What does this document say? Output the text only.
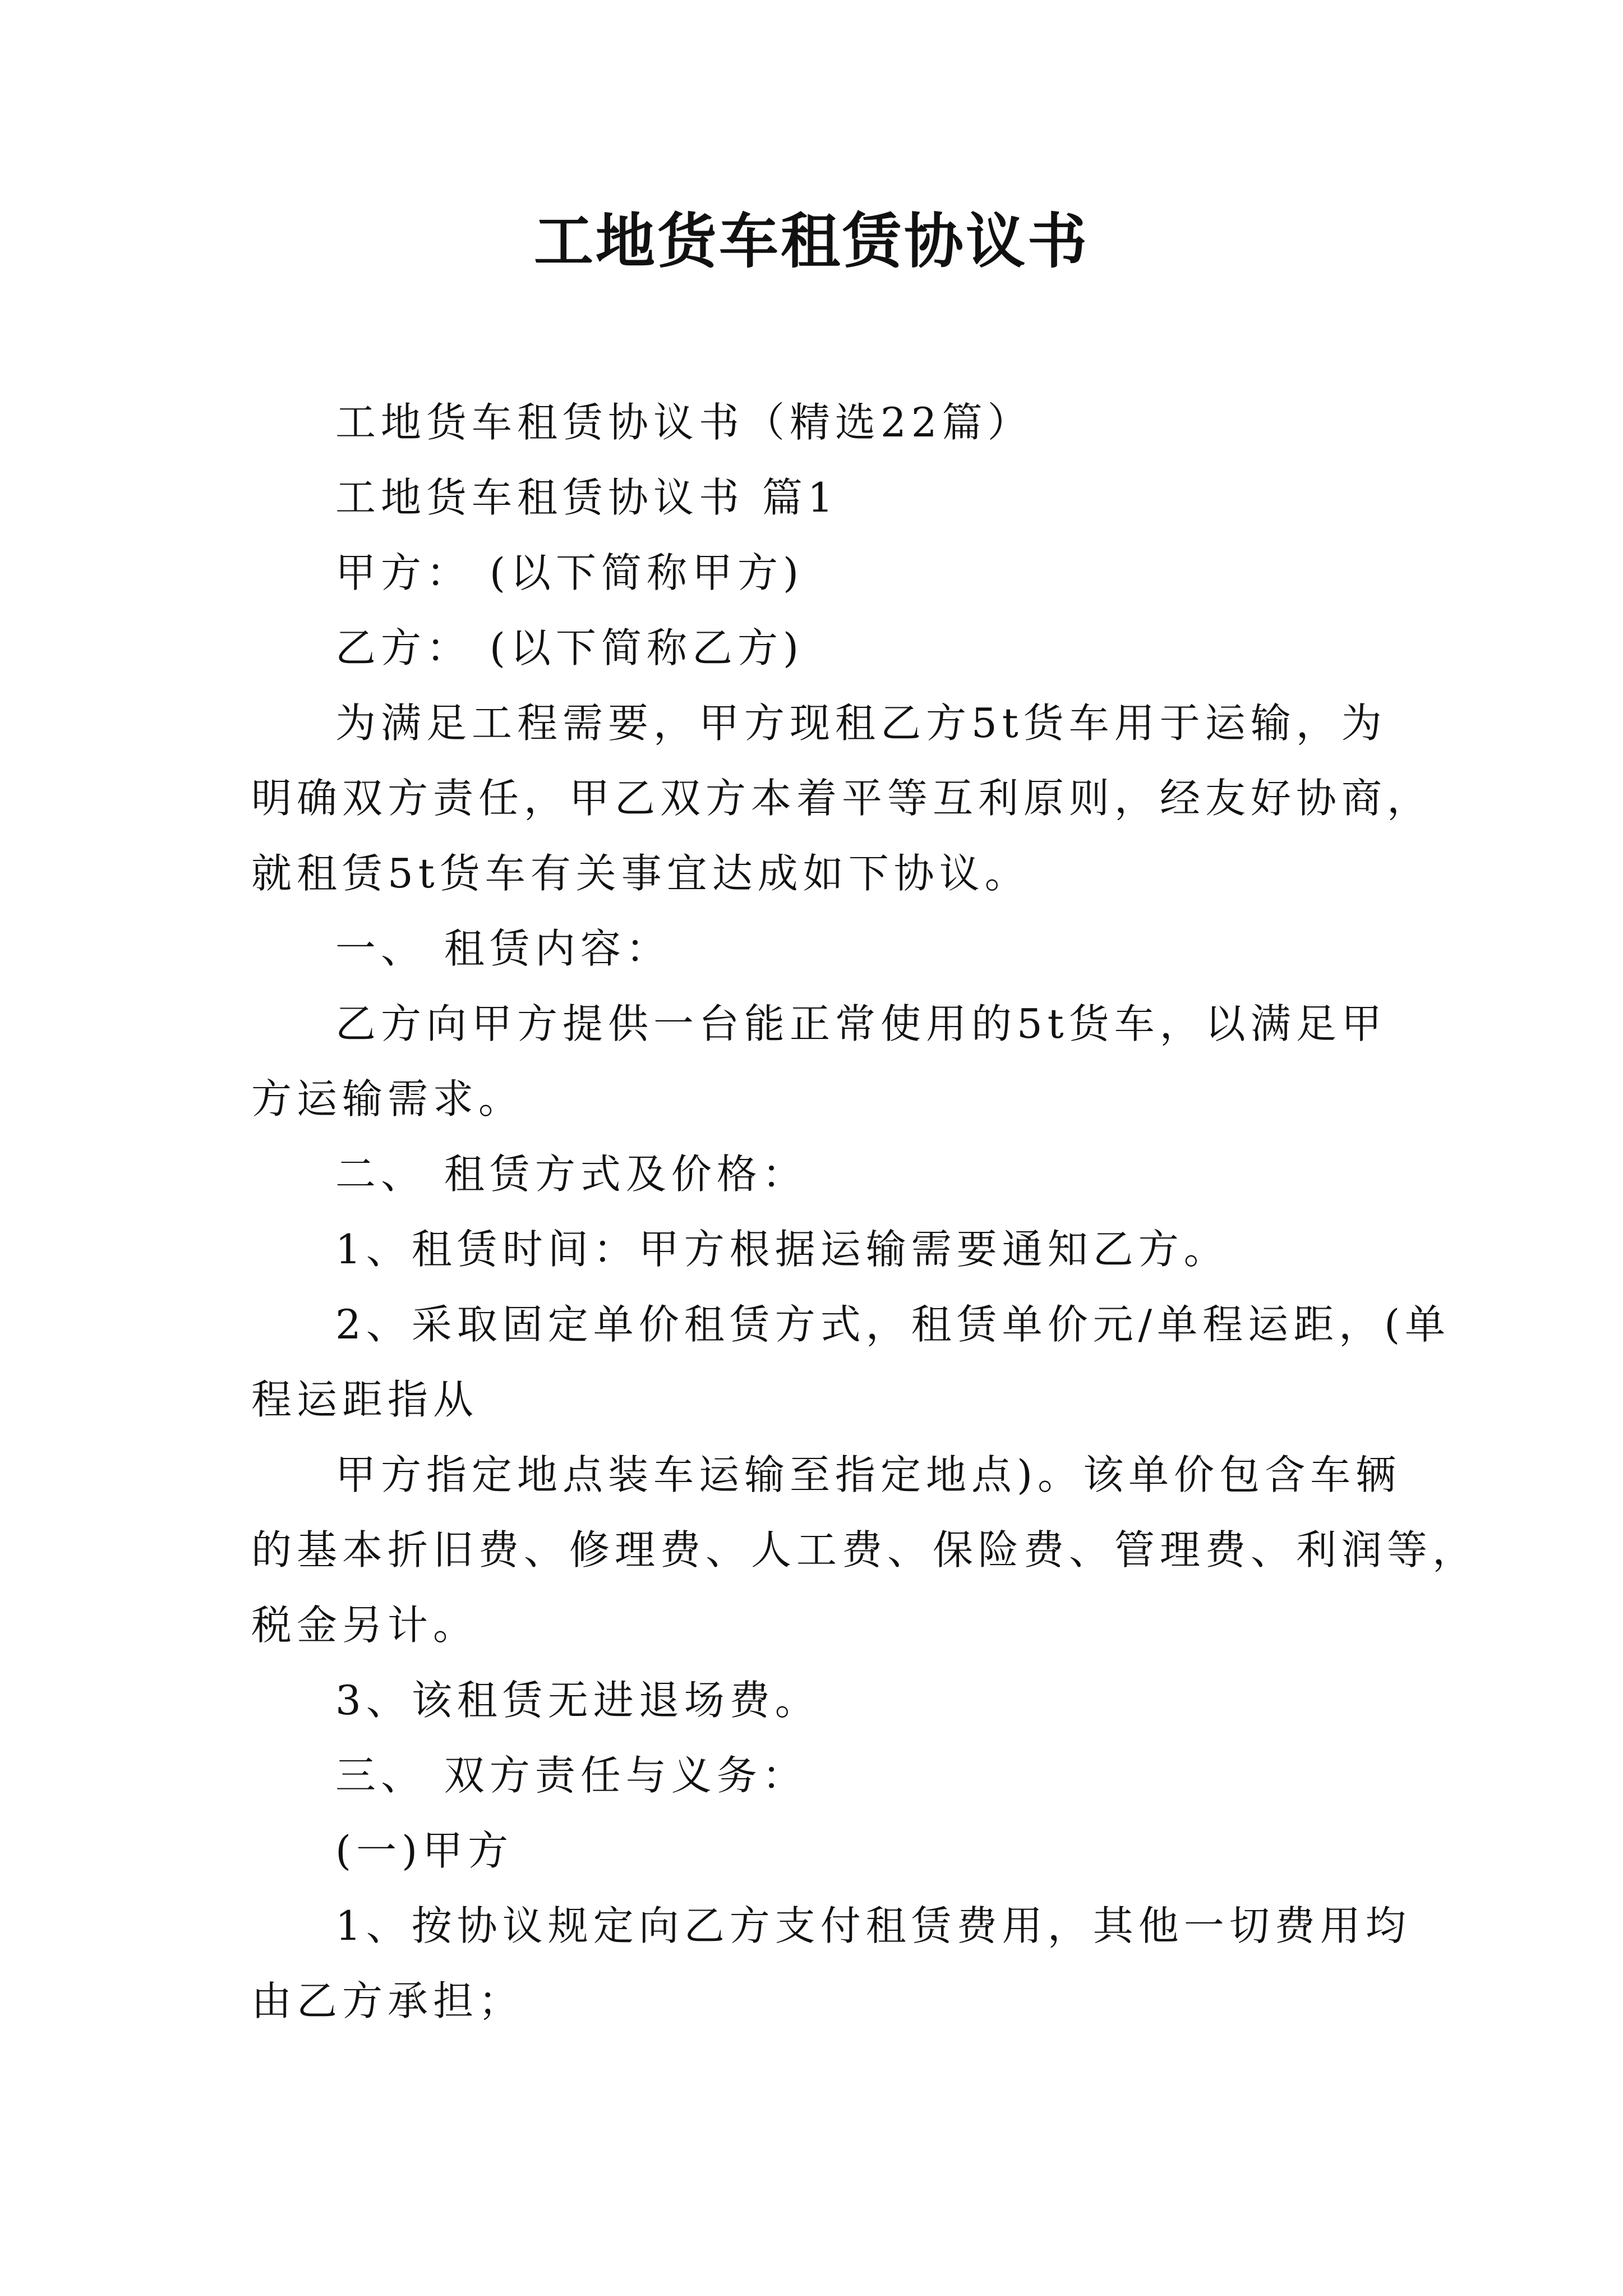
工地货车租赁协议书
工地货车租赁协议书（精选22篇）
工地货车租赁协议书 篇1
甲方： (以下简称甲方)
乙方： (以下简称乙方)
为满足工程需要，甲方现租乙方5t货车用于运输，为
明确双方责任，甲乙双方本着平等互利原则，经友好协商，
就租赁5t货车有关事宜达成如下协议。
一、 租赁内容：
乙方向甲方提供一台能正常使用的5t货车，以满足甲
方运输需求。
二、 租赁方式及价格：
1、租赁时间：甲方根据运输需要通知乙方。
2、采取固定单价租赁方式，租赁单价元/单程运距，(单
程运距指从
甲方指定地点装车运输至指定地点)。该单价包含车辆
的基本折旧费、修理费、人工费、保险费、管理费、利润等，
税金另计。
3、该租赁无进退场费。
三、 双方责任与义务：
(一)甲方
1、按协议规定向乙方支付租赁费用，其他一切费用均
由乙方承担；
